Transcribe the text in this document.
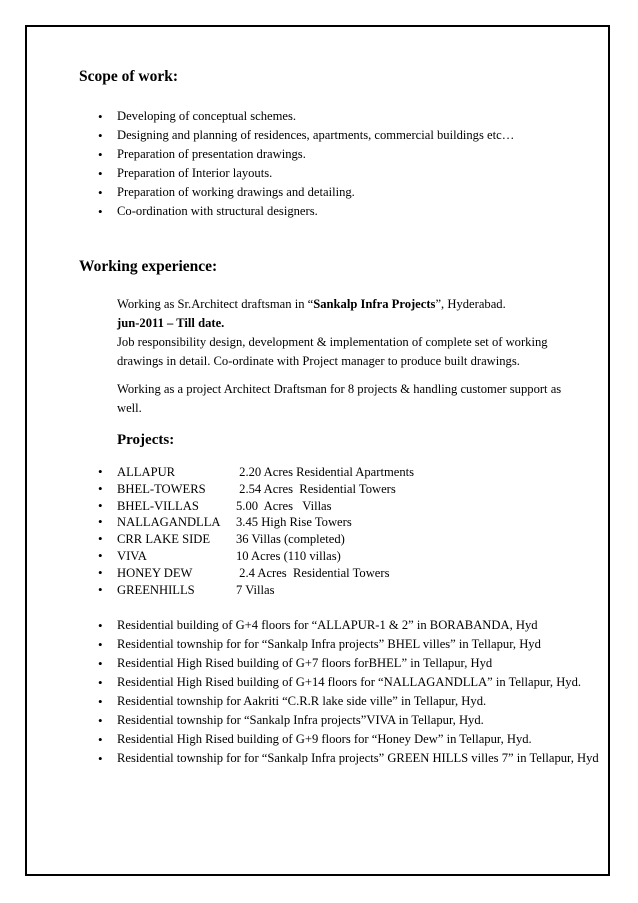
Scope of work:
• Developing of conceptual schemes.
• Designing and planning of residences, apartments, commercial buildings etc…
• Preparation of presentation drawings.
• Preparation of Interior layouts.
• Preparation of working drawings and detailing.
• Co-ordination with structural designers.
Working experience:
Working as Sr.Architect draftsman in “Sankalp Infra Projects”, Hyderabad.
jun-2011 – Till date.
Job responsibility design, development & implementation of complete set of working drawings in detail. Co-ordinate with Project manager to produce built drawings.
Working as a project Architect Draftsman for 8 projects & handling customer support as well.
Projects:
• ALLAPUR	2.20 Acres Residential Apartments
• BHEL-TOWERS 2.54 Acres  Residential Towers
• BHEL-VILLAS	5.00  Acres   Villas
• NALLAGANDLLA 3.45 High Rise Towers
• CRR LAKE SIDE 36 Villas (completed)
• VIVA	10 Acres (110 villas)
• HONEY DEW	2.4 Acres  Residential Towers
• GREENHILLS	7 Villas
• Residential building of G+4 floors for “ALLAPUR-1 & 2” in BORABANDA, Hyd
• Residential township for for “Sankalp Infra projects” BHEL villes” in Tellapur, Hyd
• Residential High Rised building of G+7 floors forBHEL” in Tellapur, Hyd
• Residential High Rised building of G+14 floors for “NALLAGANDLLA” in Tellapur, Hyd.
• Residential township for Aakriti “C.R.R lake side ville” in Tellapur, Hyd.
• Residential township for “Sankalp Infra projects”VIVA in Tellapur, Hyd.
• Residential High Rised building of G+9 floors for “Honey Dew” in Tellapur, Hyd.
• Residential township for for “Sankalp Infra projects” GREEN HILLS villes 7” in Tellapur, Hyd
